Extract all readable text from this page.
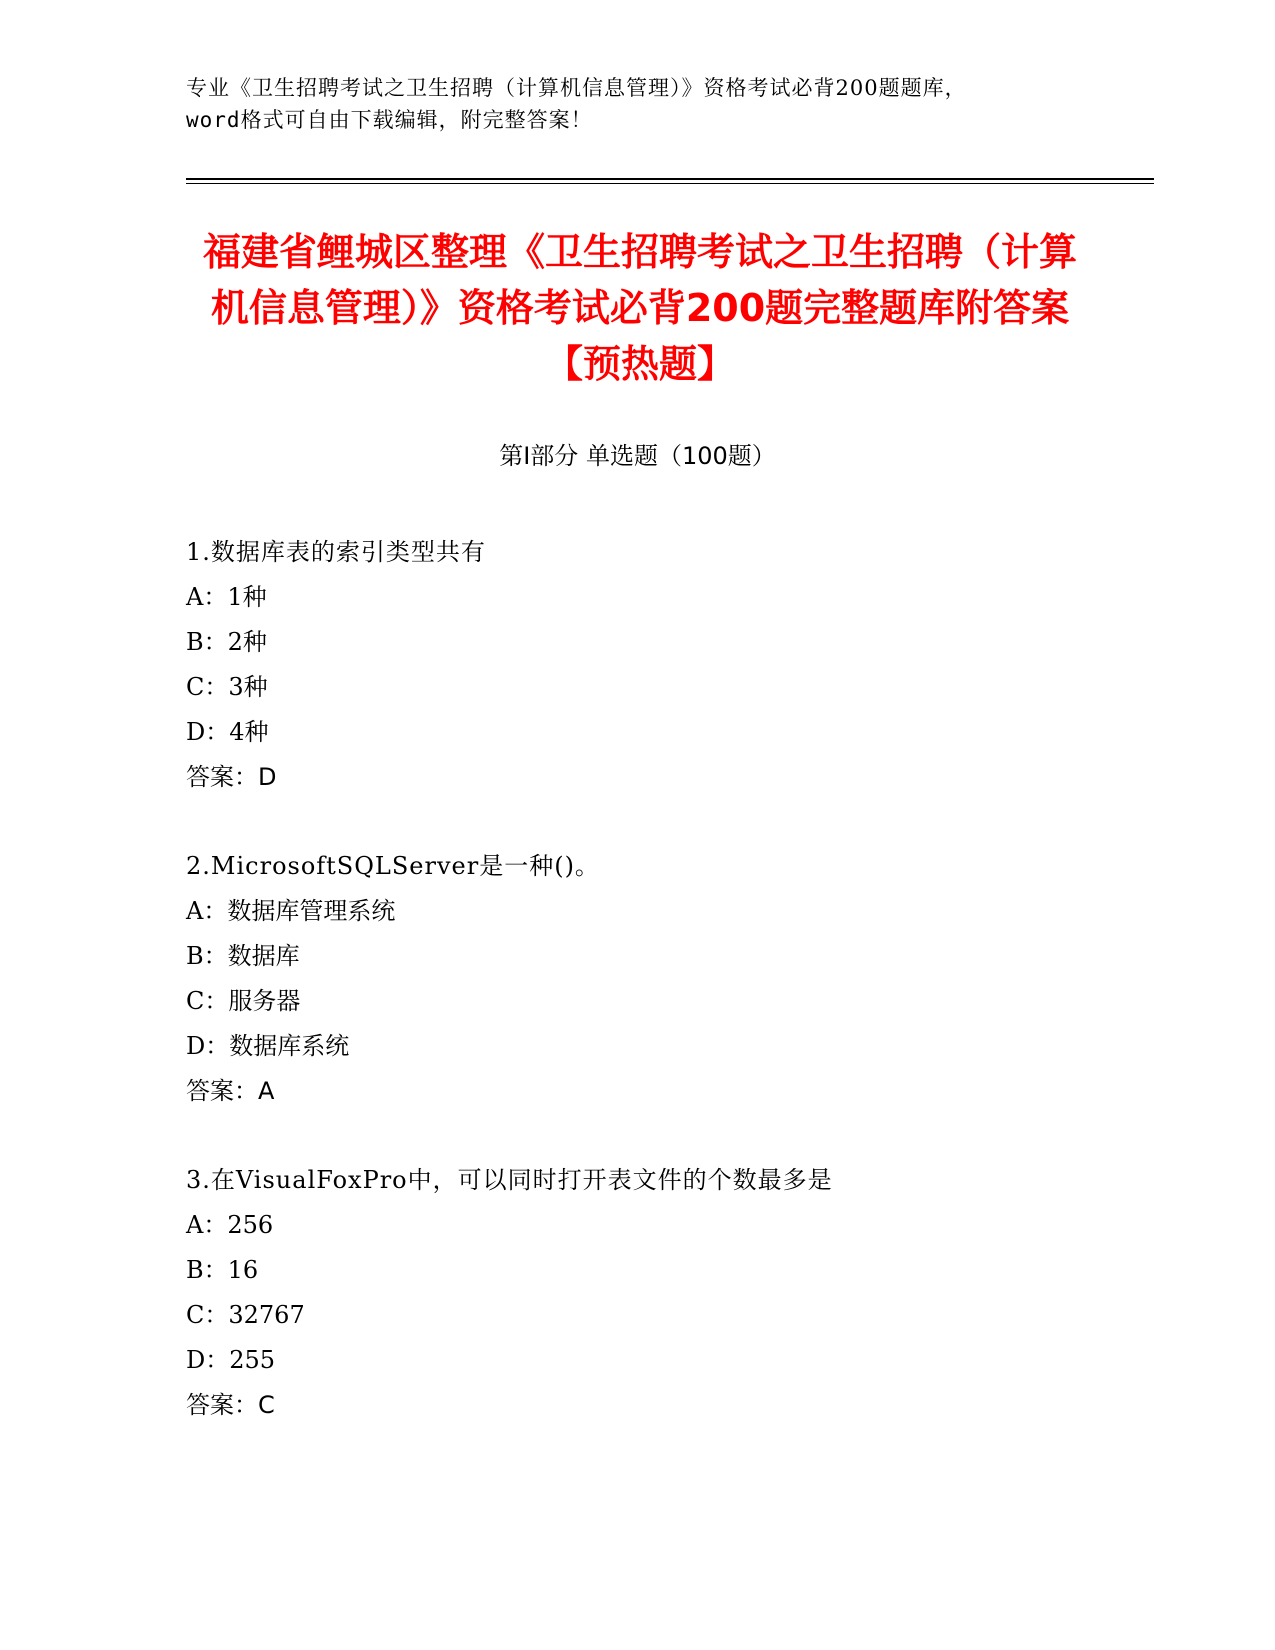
专业《卫生招聘考试之卫生招聘（计算机信息管理）》资格考试必背200题题库，
word格式可自由下载编辑，附完整答案！
福建省鲤城区整理《卫生招聘考试之卫生招聘（计算机信息管理）》资格考试必背200题完整题库附答案【预热题】
第Ⅰ部分 单选题（100题）
1.数据库表的索引类型共有
A：1种
B：2种
C：3种
D：4种
答案：D
2.MicrosoftSQLServer是一种()。
A：数据库管理系统
B：数据库
C：服务器
D：数据库系统
答案：A
3.在VisualFoxPro中，可以同时打开表文件的个数最多是
A：256
B：16
C：32767
D：255
答案：C
